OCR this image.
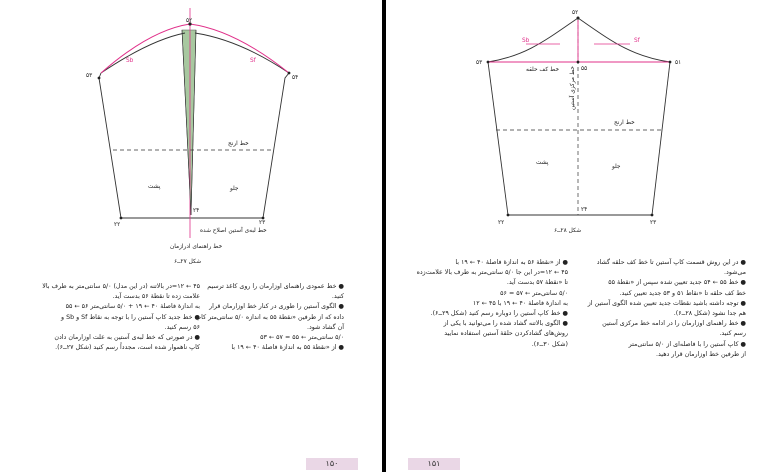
۵۲
۵۳	۵۴
Sb	Sf
خط ارنج
پشت	جلو
۲۲	۲۳
۲۴
خط لبه‌ی آستین اصلاح شده
خط راهنمای ادرازمان
شکل ۲۷ــ۶

۴۵ ← ۱۲=در بالاتنه (در این مدل) ۵/۰ سانتی‌متر به طرف بالا

علامت زده تا نقطهٔ ۵۶ بدست آید.

به اندازهٔ فاصلهٔ ۴۰ ← ۱۹ + ۵/۰ سانتی‌متر ۵۶ ← ۵۵

● خط جدید کاپ آستین را با توجه به نقاط Sf و Sb و

۵۶ رسم کنید.

● در صورتی که خط لبه‌ی آستین به علت اوزارمان دادن

کاپ ناهموار شده است، مجدداً رسم کنید (شکل ۲۷ــ۶).

● خط عمودی راهنمای اوزارمان را روی کاغذ ترسیم

کنید.

● الگوی آستین را طوری در کنار خط اوزارمان قرار

داده که از طرفین «نقطهٔ ۵۵ به اندازه ۵/۰ سانتی‌متر کاپ

آن گشاد شود.

۵/۰ سانتی‌متر ← ۵۵ = ۵۷ ← ۵۳

● از «نقطهٔ ۵۵ به اندازهٔ فاصلهٔ ۴۰ ← ۱۹ با

۱۵۰
۵۲
۵۱
۵۳
۵۵
Sb	Sf
خط کف حلقه	خط مرکزی آستین
خط ارنج
پشت
جلو
۲۲	۲۳
۲۴
شکل ۲۸ــ۶

● از «نقطهٔ ۵۶ به اندازهٔ فاصلهٔ ۴۰ ← ۱۹ با

۴۵ ← ۱۲=در این جا ۵/۰ سانتی‌متر به طرف بالا علامت‌زده

تا «نقطهٔ ۵۷ بدست آید.

۵/۰ سانتی‌متر ← ۵۷ = ۵۶

به اندازهٔ فاصلهٔ ۴۰ ← ۱۹ با ۴۵ ← ۱۲

● خط کاپ آستین را دوباره رسم کنید (شکل ۲۹ــ۶).

● الگوی بالاتنه گشاد شده را می‌توانید با یکی از

روش‌های گشادکردن حلقهٔ آستین استفاده نمایید

(شکل ۳۰ــ۶).

● در این روش قسمت کاپ آستین تا خط کف حلقه گشاد

می‌شود.

● خط ۵۵ ← ۵۴ جدید تعیین شده سپس از «نقطهٔ ۵۵

خط کف حلقه تا «نقاط ۵۱ و ۵۳ جدید تعیین کنید.

● توجه داشته باشید نقطات جدید تعیین شده الگوی آستین از

هم جدا نشود (شکل ۲۸ــ۶).

● خط راهنمای اوزارمان را در ادامه خط مرکزی آستین

رسم کنید.

● کاپ آستین را با فاصله‌ای از ۵/۰ سانتی‌متر

از طرفین خط اوزارمان قرار دهید.

۱۵۱
